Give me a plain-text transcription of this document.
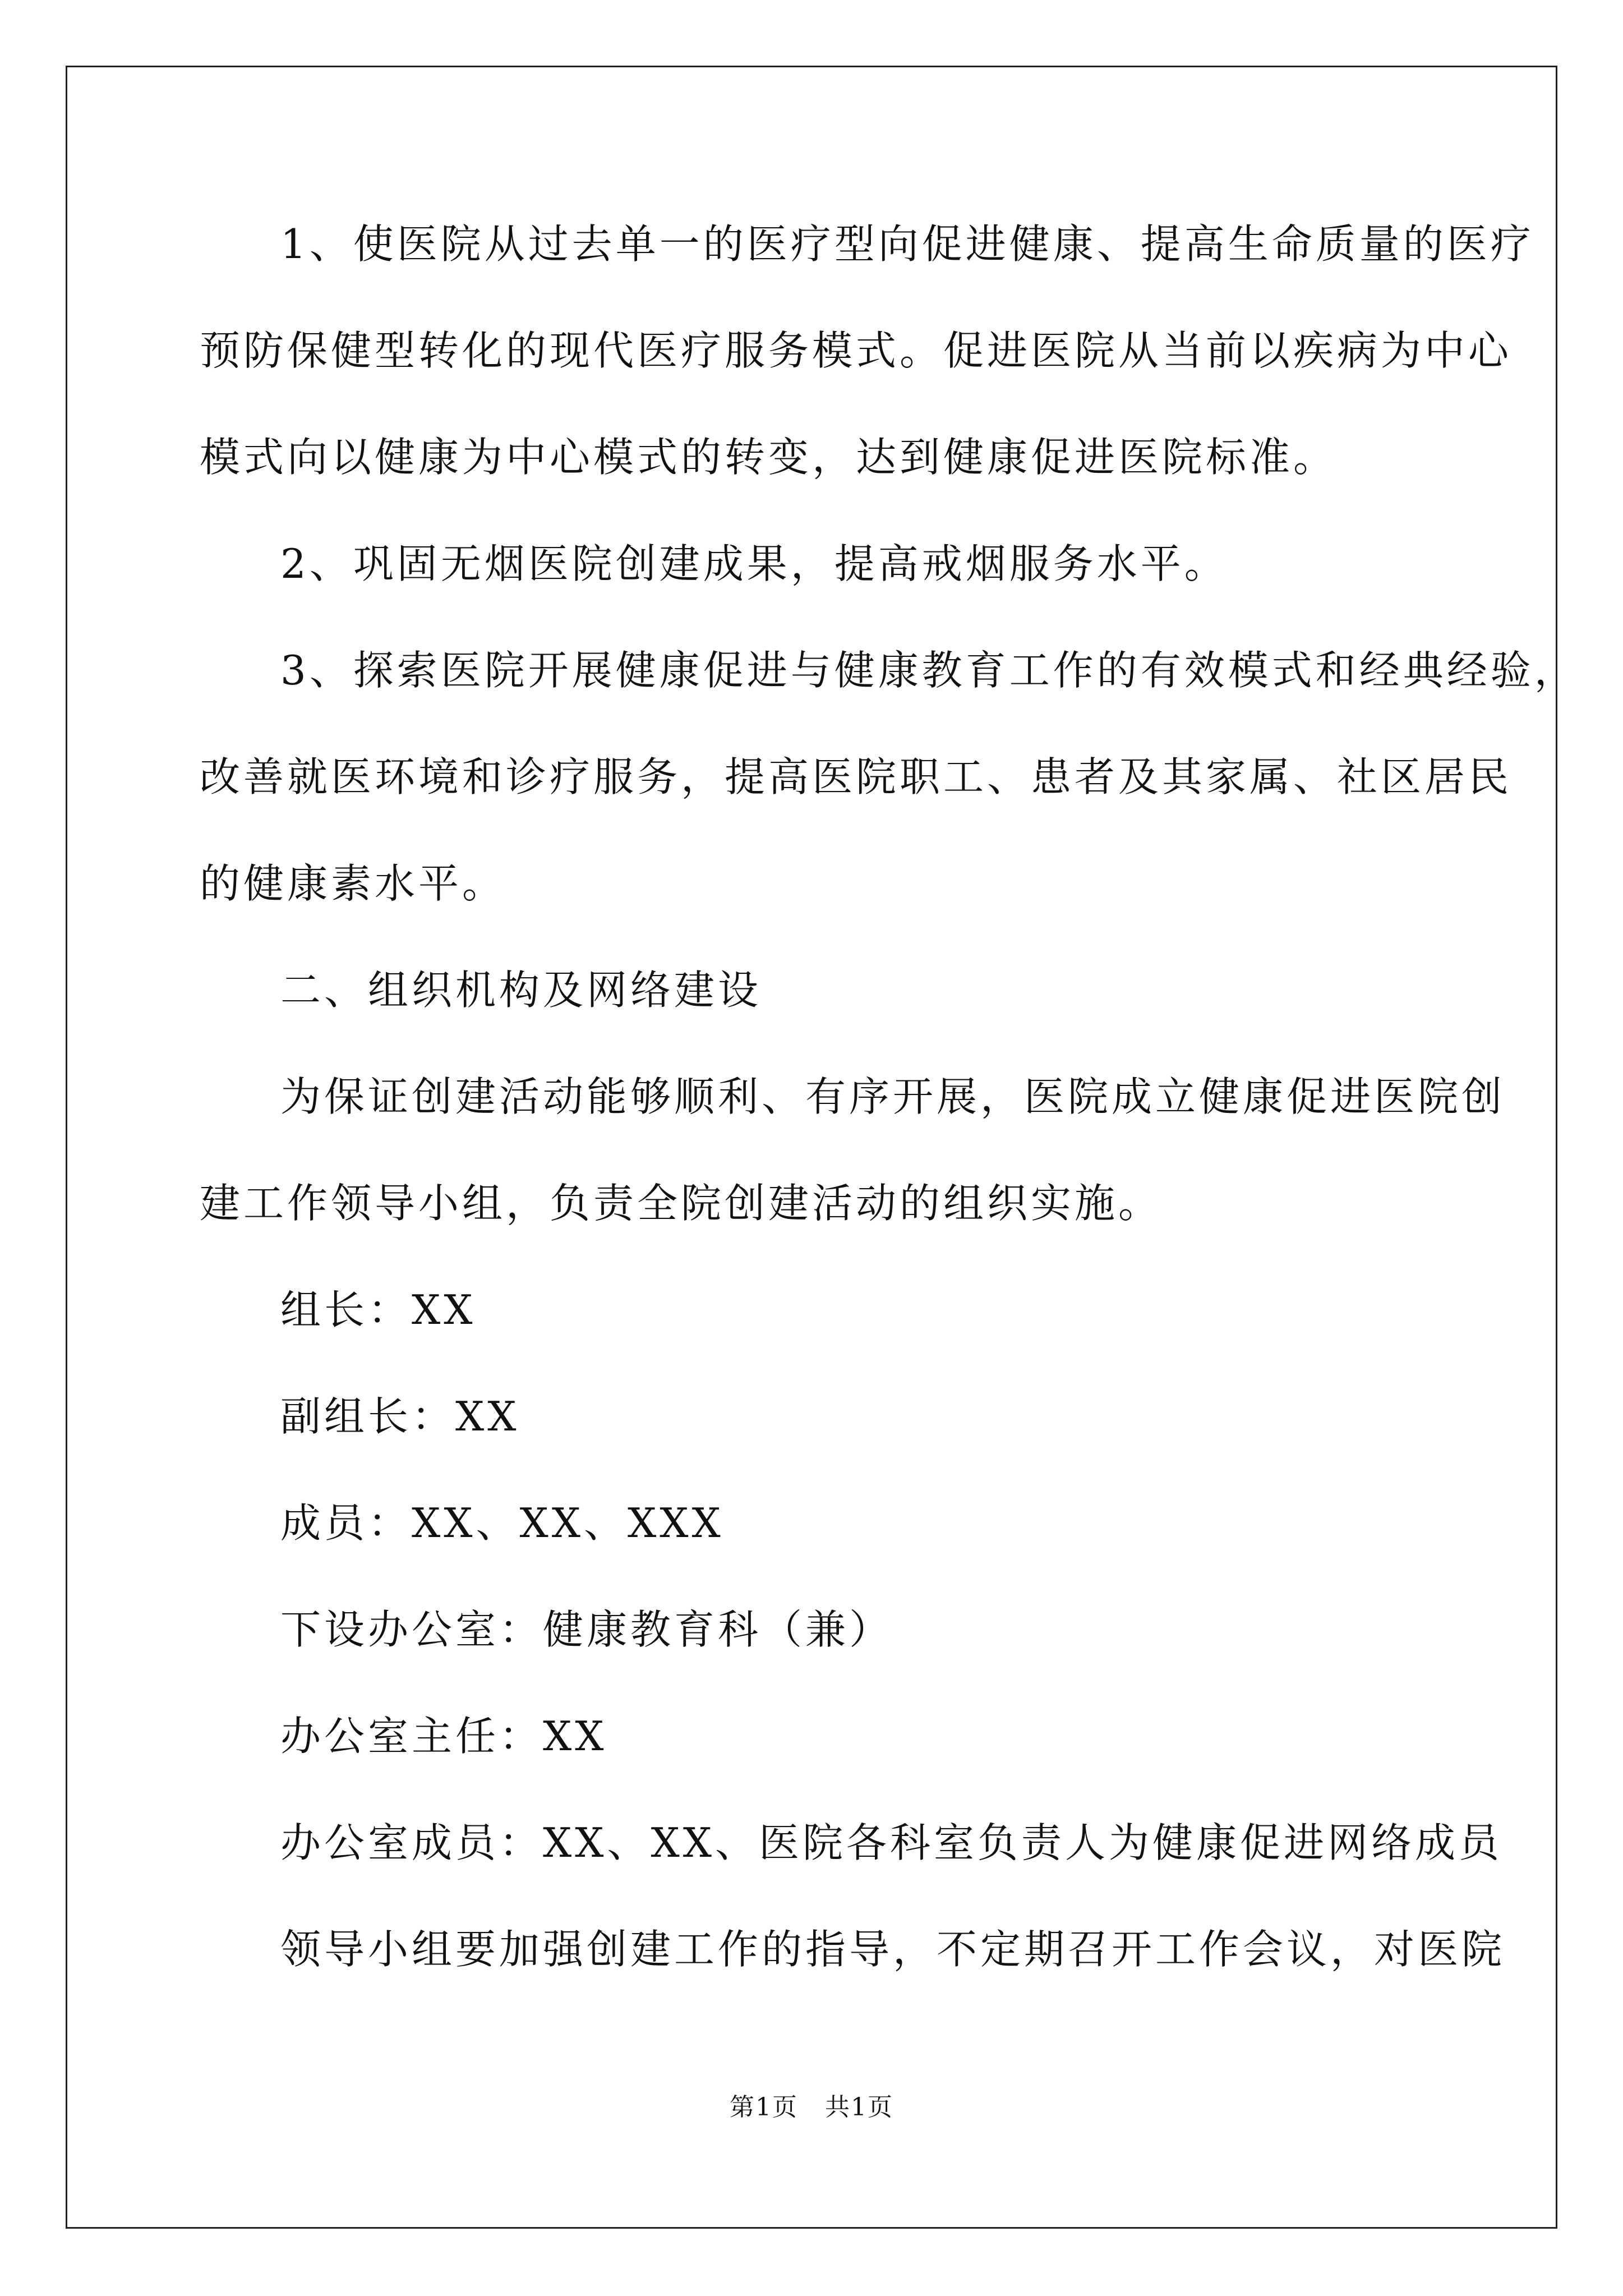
1、使医院从过去单一的医疗型向促进健康、提高生命质量的医疗
预防保健型转化的现代医疗服务模式。促进医院从当前以疾病为中心
模式向以健康为中心模式的转变，达到健康促进医院标准。
2、巩固无烟医院创建成果，提高戒烟服务水平。
3、探索医院开展健康促进与健康教育工作的有效模式和经典经验，
改善就医环境和诊疗服务，提高医院职工、患者及其家属、社区居民
的健康素水平。
二、组织机构及网络建设
为保证创建活动能够顺利、有序开展，医院成立健康促进医院创
建工作领导小组，负责全院创建活动的组织实施。
组长：XX
副组长：XX
成员：XX、XX、XXX
下设办公室：健康教育科（兼）
办公室主任：XX
办公室成员：XX、XX、医院各科室负责人为健康促进网络成员
领导小组要加强创建工作的指导，不定期召开工作会议，对医院
第1页   共1页
